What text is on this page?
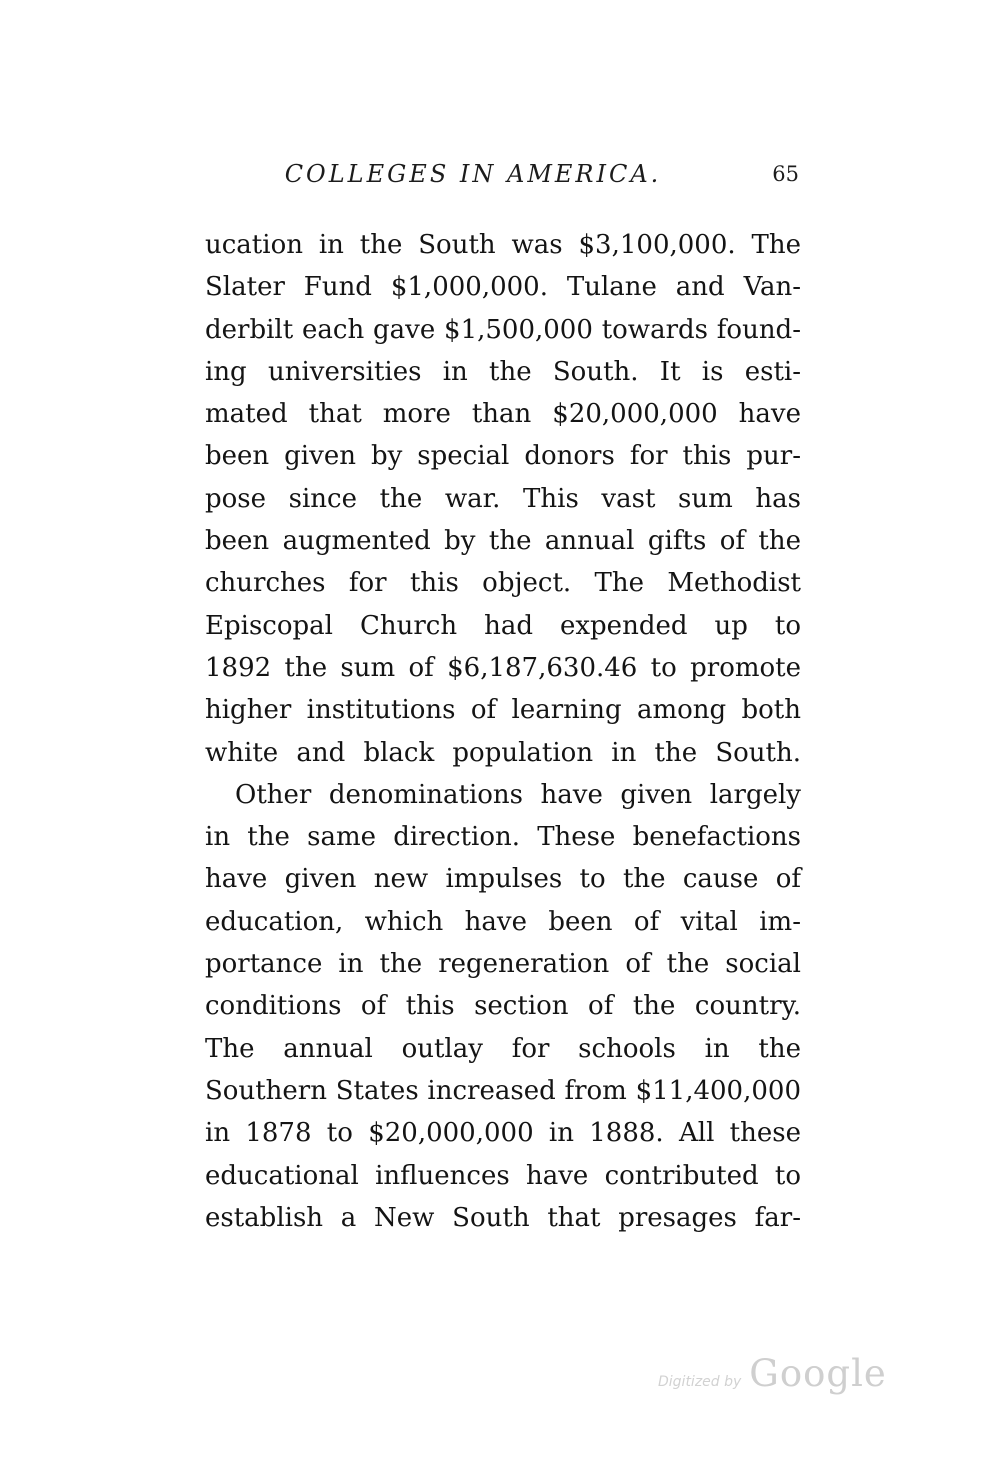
COLLEGES IN AMERICA.	65
ucation in the South was $3,100,000. The
Slater Fund $1,000,000. Tulane and Van-
derbilt each gave $1,500,000 towards found-
ing universities in the South. It is esti-
mated that more than $20,000,000 have
been given by special donors for this pur-
pose since the war. This vast sum has
been augmented by the annual gifts of the
churches for this object. The Methodist
Episcopal Church had expended up to
1892 the sum of $6,187,630.46 to promote
higher institutions of learning among both
white and black population in the South.
Other denominations have given largely
in the same direction. These benefactions
have given new impulses to the cause of
education, which have been of vital im-
portance in the regeneration of the social
conditions of this section of the country.
The annual outlay for schools in the
Southern States increased from $11,400,000
in 1878 to $20,000,000 in 1888. All these
educational influences have contributed to
establish a New South that presages far-
Digitized by Google
